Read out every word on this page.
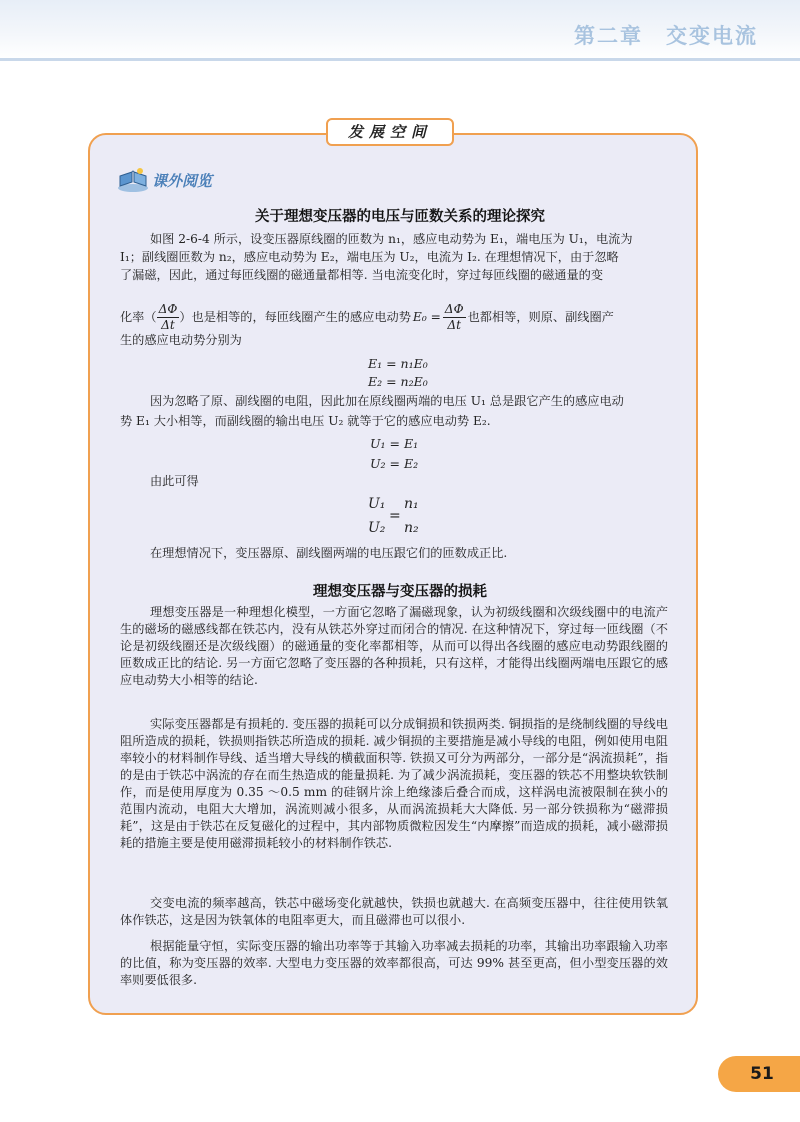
第二章　交变电流
发展空间
课外阅览
关于理想变压器的电压与匝数关系的理论探究
如图 2-6-4 所示，设变压器原线圈的匝数为 n₁，感应电动势为 E₁，端电压为 U₁，电流为
I₁；副线圈匝数为 n₂，感应电动势为 E₂，端电压为 U₂，电流为 I₂. 在理想情况下，由于忽略
了漏磁，因此，通过每匝线圈的磁通量都相等. 当电流变化时，穿过每匝线圈的磁通量的变
化率（ $\frac{\Delta\Phi}{\Delta t}$ ）也是相等的，每匝线圈产生的感应电动势 $E_0 = \frac{\Delta\Phi}{\Delta t}$ 也都相等，则原、副线圈产
生的感应电动势分别为
E₁ = n₁E₀
E₂ = n₂E₀
因为忽略了原、副线圈的电阻，因此加在原线圈两端的电压 U₁ 总是跟它产生的感应电动
势 E₁ 大小相等，而副线圈的输出电压 U₂ 就等于它的感应电动势 E₂.
U₁ = E₁
U₂ = E₂
由此可得
U₁
U₂
=
n₁
n₂
在理想情况下，变压器原、副线圈两端的电压跟它们的匝数成正比.
理想变压器与变压器的损耗
理想变压器是一种理想化模型，一方面它忽略了漏磁现象，认为初级线圈和次级线圈中的电流产生的磁场的磁感线都在铁芯内，没有从铁芯外穿过而闭合的情况. 在这种情况下，穿过每一匝线圈（不论是初级线圈还是次级线圈）的磁通量的变化率都相等，从而可以得出各线圈的感应电动势跟线圈的匝数成正比的结论. 另一方面它忽略了变压器的各种损耗，只有这样，才能得出线圈两端电压跟它的感应电动势大小相等的结论.
实际变压器都是有损耗的. 变压器的损耗可以分成铜损和铁损两类. 铜损指的是绕制线圈的导线电阻所造成的损耗，铁损则指铁芯所造成的损耗. 减少铜损的主要措施是减小导线的电阻，例如使用电阻率较小的材料制作导线、适当增大导线的横截面积等. 铁损又可分为两部分，一部分是“涡流损耗”，指的是由于铁芯中涡流的存在而生热造成的能量损耗. 为了减少涡流损耗，变压器的铁芯不用整块软铁制作，而是使用厚度为 0.35 ～0.5 mm 的硅钢片涂上绝缘漆后叠合而成，这样涡电流被限制在狭小的范围内流动，电阻大大增加，涡流则减小很多，从而涡流损耗大大降低. 另一部分铁损称为“磁滞损耗”，这是由于铁芯在反复磁化的过程中，其内部物质微粒因发生“内摩擦”而造成的损耗，减小磁滞损耗的措施主要是使用磁滞损耗较小的材料制作铁芯.
交变电流的频率越高，铁芯中磁场变化就越快，铁损也就越大. 在高频变压器中，往往使用铁氧体作铁芯，这是因为铁氧体的电阻率更大，而且磁滞也可以很小.
根据能量守恒，实际变压器的输出功率等于其输入功率减去损耗的功率，其输出功率跟输入功率的比值，称为变压器的效率. 大型电力变压器的效率都很高，可达 99% 甚至更高，但小型变压器的效率则要低很多.
51
